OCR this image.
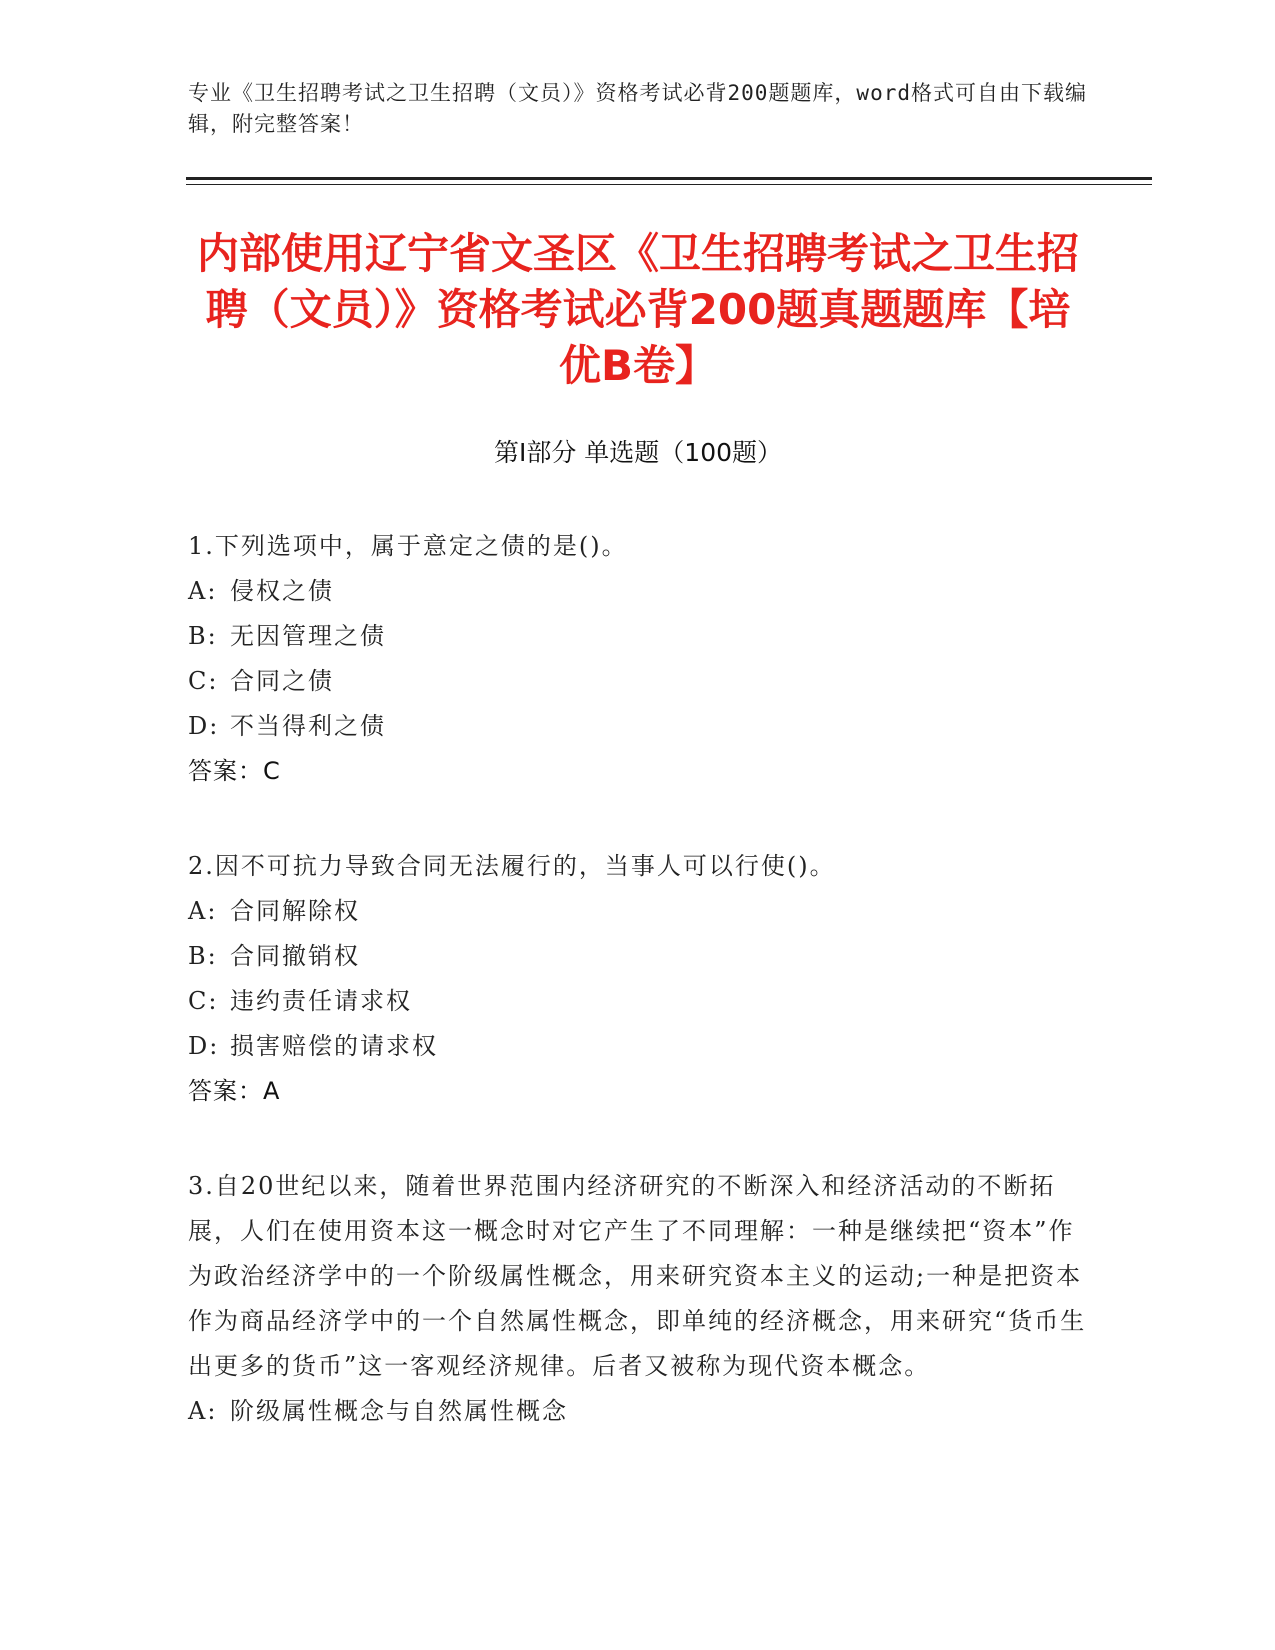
专业《卫生招聘考试之卫生招聘（文员）》资格考试必背200题题库，word格式可自由下载编辑，附完整答案！
内部使用辽宁省文圣区《卫生招聘考试之卫生招聘（文员）》资格考试必背200题真题题库【培优B卷】
第Ⅰ部分 单选题（100题）
1.下列选项中，属于意定之债的是()。
A: 侵权之债
B: 无因管理之债
C: 合同之债
D: 不当得利之债
答案：C
2.因不可抗力导致合同无法履行的，当事人可以行使()。
A: 合同解除权
B: 合同撤销权
C: 违约责任请求权
D: 损害赔偿的请求权
答案：A
3.自20世纪以来，随着世界范围内经济研究的不断深入和经济活动的不断拓展，人们在使用资本这一概念时对它产生了不同理解：一种是继续把“资本”作为政治经济学中的一个阶级属性概念，用来研究资本主义的运动;一种是把资本作为商品经济学中的一个自然属性概念，即单纯的经济概念，用来研究“货币生出更多的货币”这一客观经济规律。后者又被称为现代资本概念。
A: 阶级属性概念与自然属性概念
